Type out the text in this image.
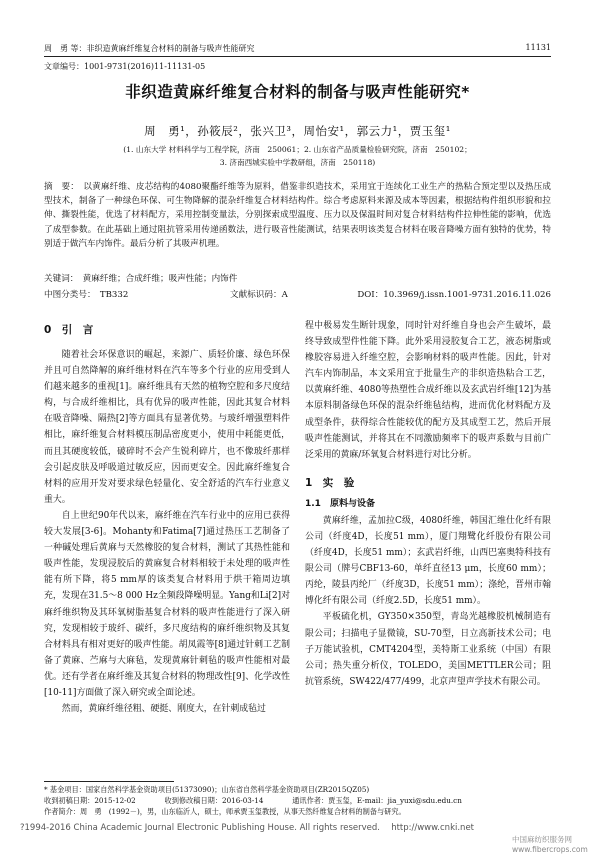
周　勇 等：非织造黄麻纤维复合材料的制备与吸声性能研究	11131
文章编号：1001-9731(2016)11-11131-05
非织造黄麻纤维复合材料的制备与吸声性能研究*
周　勇¹，孙筱辰²，张兴卫³，周怡安¹，郭云力¹，贾玉玺¹
(1. 山东大学 材料科学与工程学院，济南　250061；2. 山东省产品质量检验研究院，济南　250102；
3. 济南西城实验中学教研组，济南　250118)
摘　要：　以黄麻纤维、皮芯结构的4080聚酯纤维等为原料，借鉴非织造技术，采用宜于连续化工业生产的热粘合预定型以及热压成型技术，制备了一种绿色环保、可生物降解的混杂纤维复合材料结构件。综合考虑原料来源及成本等因素，根据结构件组织形貌和拉伸、撕裂性能，优选了材料配方，采用控制变量法，分别探索成型温度、压力以及保温时间对复合材料结构件拉伸性能的影响，优选了成型参数。在此基础上通过阻抗管采用传递函数法，进行吸音性能测试，结果表明该类复合材料在吸音降噪方面有独特的优势，特别适于做汽车内饰件。最后分析了其吸声机理。
关键词：　黄麻纤维；合成纤维；吸声性能；内饰件
中图分类号：　TB332	文献标识码：A	DOI：10.3969/j.issn.1001-9731.2016.11.026
0　引　言

随着社会环保意识的崛起，来源广、质轻价廉、绿色环保并且可自然降解的麻纤维材料在汽车等多个行业的应用受到人们越来越多的重视[1]。麻纤维具有天然的植物空腔和多尺度结构，与合成纤维相比，具有优异的吸声性能，因此其复合材料在吸音降噪、隔热[2]等方面具有显著优势。与玻纤增强塑料件相比，麻纤维复合材料模压制品密度更小，使用中耗能更低，而且其硬度较低，破碎时不会产生锐利碎片，也不像玻纤那样会引起皮肤及呼吸道过敏反应，因而更安全。因此麻纤维复合材料的应用开发对要求绿色轻量化、安全舒适的汽车行业意义重大。

自上世纪90年代以来，麻纤维在汽车行业中的应用已获得较大发展[3-6]。Mohanty和Fatima[7]通过热压工艺制备了一种碱处理后黄麻与天然橡胶的复合材料，测试了其热性能和吸声性能，发现浸胶后的黄麻复合材料相较于未处理的吸声性能有所下降，将5 mm厚的该类复合材料用于烘干箱周边填充，发现在31.5～8 000 Hz全频段降噪明显。Yang和Li[2]对麻纤维织物及其环氧树脂基复合材料的吸声性能进行了深入研究，发现相较于玻纤、碳纤，多尺度结构的麻纤维织物及其复合材料具有相对更好的吸声性能。胡凤霞等[8]通过针刺工艺制备了黄麻、苎麻与大麻毡，发现黄麻针刺毡的吸声性能相对最优。还有学者在麻纤维及其复合材料的物理改性[9]、化学改性[10-11]方面做了深入研究或全面论述。

然而，黄麻纤维径粗、硬挺、刚度大，在针刺成毡过

程中极易发生断针现象，同时针对纤维自身也会产生破坏，最终导致成型件性能下降。此外采用浸胶复合工艺，液态树脂或橡胶容易进入纤维空腔，会影响材料的吸声性能。因此，针对汽车内饰制品，本文采用宜于批量生产的非织造热粘合工艺，以黄麻纤维、4080等热塑性合成纤维以及玄武岩纤维[12]为基本原料制备绿色环保的混杂纤维毡结构，进而优化材料配方及成型条件，获得综合性能较优的配方及其成型工艺，然后开展吸声性能测试，并将其在不同激励频率下的吸声系数与目前广泛采用的黄麻/环氧复合材料进行对比分析。

1　实　验
1.1　原料与设备

黄麻纤维，孟加拉C级，4080纤维，韩国汇维仕化纤有限公司（纤度4D，长度51 mm），厦门翔鹭化纤股份有限公司（纤度4D，长度51 mm）；玄武岩纤维，山西巴塞奥特科技有限公司（牌号CBF13-60，单纤直径13 μm，长度60 mm）；丙纶，陵县丙纶厂（纤度3D，长度51 mm）；涤纶，晋州市翰博化纤有限公司（纤度2.5D，长度51 mm）。

平板硫化机，GY350×350型，青岛光越橡胶机械制造有限公司；扫描电子显微镜，SU-70型，日立高新技术公司；电子万能试验机，CMT4204型，美特斯工业系统（中国）有限公司；热失重分析仪，TOLEDO，美国METTLER公司；阻抗管系统，SW422/477/499，北京声望声学技术有限公司。

* 基金项目：国家自然科学基金资助项目(51373090)；山东省自然科学基金资助项目(ZR2015QZ05)
收到初稿日期：2015-12-02　　　　收到修改稿日期：2016-03-14　　　　通讯作者：贾玉玺，E-mail：jia_yuxi@sdu.edu.cn
作者简介：周　勇　(1992－)，男，山东临沂人，硕士，师承贾玉玺教授，从事天然纤维复合材料的制备与研究。
?1994-2016 China Academic Journal Electronic Publishing House. All rights reserved.　 http://www.cnki.net
中国麻纺织服务网 www.fibercrops.com
